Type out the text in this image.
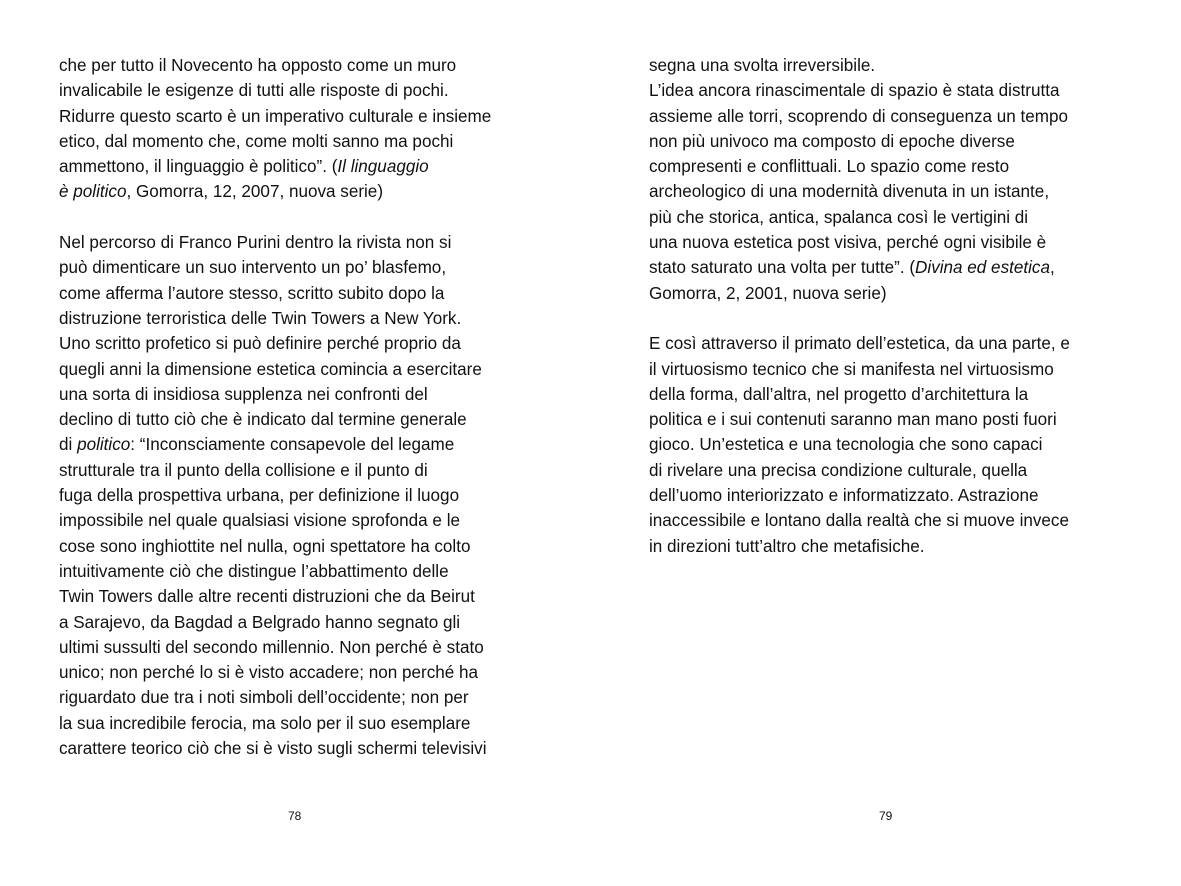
che per tutto il Novecento ha opposto come un muro
invalicabile le esigenze di tutti alle risposte di pochi.
Ridurre questo scarto è un imperativo culturale e insieme
etico, dal momento che, come molti sanno ma pochi
ammettono, il linguaggio è politico”. (Il linguaggio
è politico, Gomorra, 12, 2007, nuova serie)
Nel percorso di Franco Purini dentro la rivista non si
può dimenticare un suo intervento un po’ blasfemo,
come afferma l’autore stesso, scritto subito dopo la
distruzione terroristica delle Twin Towers a New York.
Uno scritto profetico si può definire perché proprio da
quegli anni la dimensione estetica comincia a esercitare
una sorta di insidiosa supplenza nei confronti del
declino di tutto ciò che è indicato dal termine generale
di politico: “Inconsciamente consapevole del legame
strutturale tra il punto della collisione e il punto di
fuga della prospettiva urbana, per definizione il luogo
impossibile nel quale qualsiasi visione sprofonda e le
cose sono inghiottite nel nulla, ogni spettatore ha colto
intuitivamente ciò che distingue l’abbattimento delle
Twin Towers dalle altre recenti distruzioni che da Beirut
a Sarajevo, da Bagdad a Belgrado hanno segnato gli
ultimi sussulti del secondo millennio. Non perché è stato
unico; non perché lo si è visto accadere; non perché ha
riguardato due tra i noti simboli dell’occidente; non per
la sua incredibile ferocia, ma solo per il suo esemplare
carattere teorico ciò che si è visto sugli schermi televisivi
78
segna una svolta irreversibile.
L’idea ancora rinascimentale di spazio è stata distrutta
assieme alle torri, scoprendo di conseguenza un tempo
non più univoco ma composto di epoche diverse
compresenti e conflittuali. Lo spazio come resto
archeologico di una modernità divenuta in un istante,
più che storica, antica, spalanca così le vertigini di
una nuova estetica post visiva, perché ogni visibile è
stato saturato una volta per tutte”. (Divina ed estetica,
Gomorra, 2, 2001, nuova serie)
E così attraverso il primato dell’estetica, da una parte, e
il virtuosismo tecnico che si manifesta nel virtuosismo
della forma, dall’altra, nel progetto d’architettura la
politica e i sui contenuti saranno man mano posti fuori
gioco. Un’estetica e una tecnologia che sono capaci
di rivelare una precisa condizione culturale, quella
dell’uomo interiorizzato e informatizzato. Astrazione
inaccessibile e lontano dalla realtà che si muove invece
in direzioni tutt’altro che metafisiche.
79
